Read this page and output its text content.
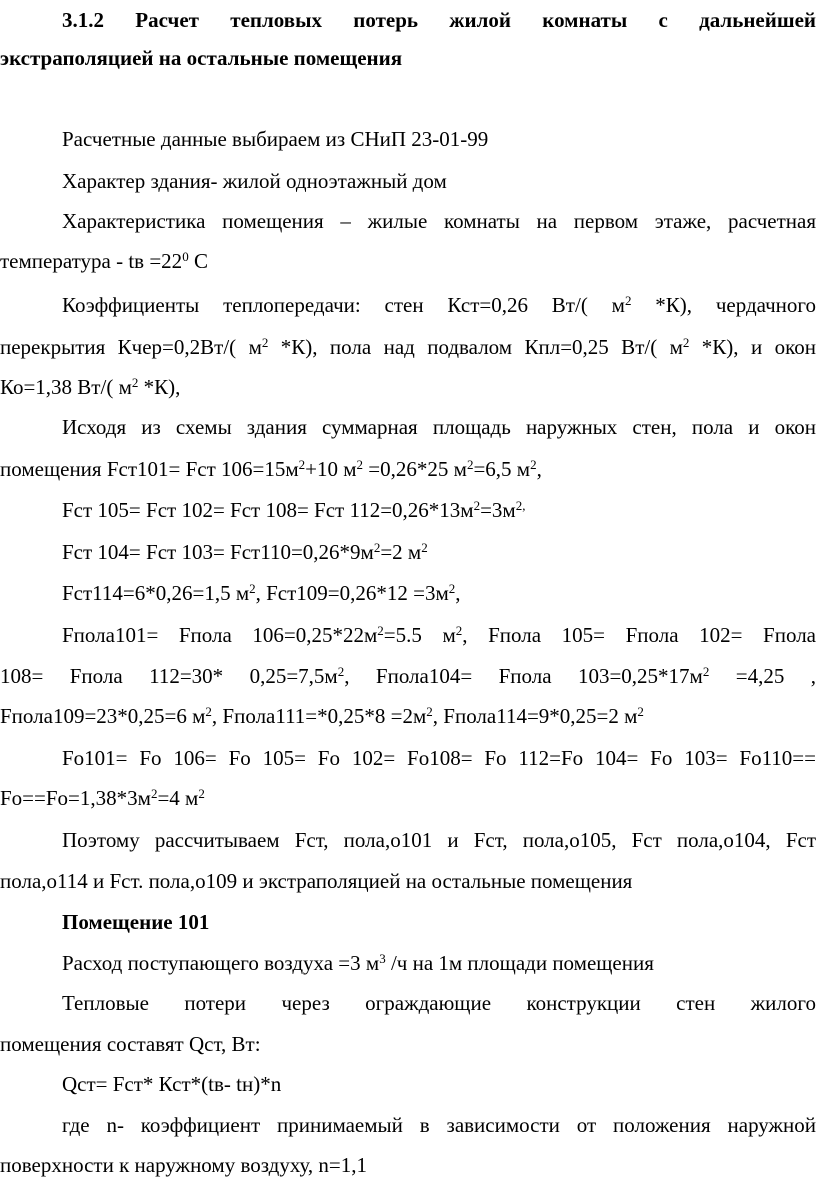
3.1.2 Расчет тепловых потерь жилой комнаты с дальнейшей
экстраполяцией на остальные помещения
Расчетные данные выбираем из СНиП 23-01-99
Характер здания- жилой одноэтажный дом
Характеристика помещения – жилые комнаты на первом этаже, расчетная
температура - tв $=22^0$ С
Коэффициенты теплопередачи: стен Кст=0,26 Вт/( $м^2$ *К), чердачного
перекрытия Кчер=0,2Вт/( $м^2$ *К), пола над подвалом Кпл=0,25 Вт/( $м^2$ *К), и окон
Ко=1,38 Вт/( $м^2$ *К),
Исходя из схемы здания суммарная площадь наружных стен, пола и окон
помещения Fст101= Fст $106=15м^2+10$ $м^2 =0,26*25$ $м^2=6,5$ $м^2$,
Fст 105= Fст 102= Fст 108= Fст $112=0,26*13м^2=3м^{2,}$
Fст 104= Fст $103= Fст110=0,26*9м^2=2$ $м^2$
Fст114=6*0,26=1,5 $м^2$, $Fст109=0,26*12 =3м^2$,
Fпола101= Fпола $106=0,25*22м^2=5.5$ $м^2$, Fпола 105= Fпола 102= Fпола
108= Fпола 112=30* $0,25=7,5м^2$, Fпола104= Fпола $103=0,25*17м^2 =4,25$ ,
Fпола109=23*0,25=6 $м^2$, Fпола111=*0,25*8 $=2м^2$, Fпола114=9*0,25=2 $м^2$
Fо101= Fо 106= Fо 105= Fо 102= Fо108= Fо 112=Fо 104= Fо 103= Fо110==
$Fо==Fо=1,38*3м^2=4$ $м^2$
Поэтому рассчитываем Fст, пола,о101 и Fст, пола,о105, Fст пола,о104, Fст
пола,о114 и Fст. пола,о109 и экстраполяцией на остальные помещения
Помещение 101
Расход поступающего воздуха =3 $м^3$ /ч на 1м площади помещения
Тепловые потери через ограждающие конструкции стен жилого
помещения составят Qст, Вт:
Qст= Fст* Кст*(tв- tн)*n
где n- коэффициент принимаемый в зависимости от положения наружной
поверхности к наружному воздуху, n=1,1
